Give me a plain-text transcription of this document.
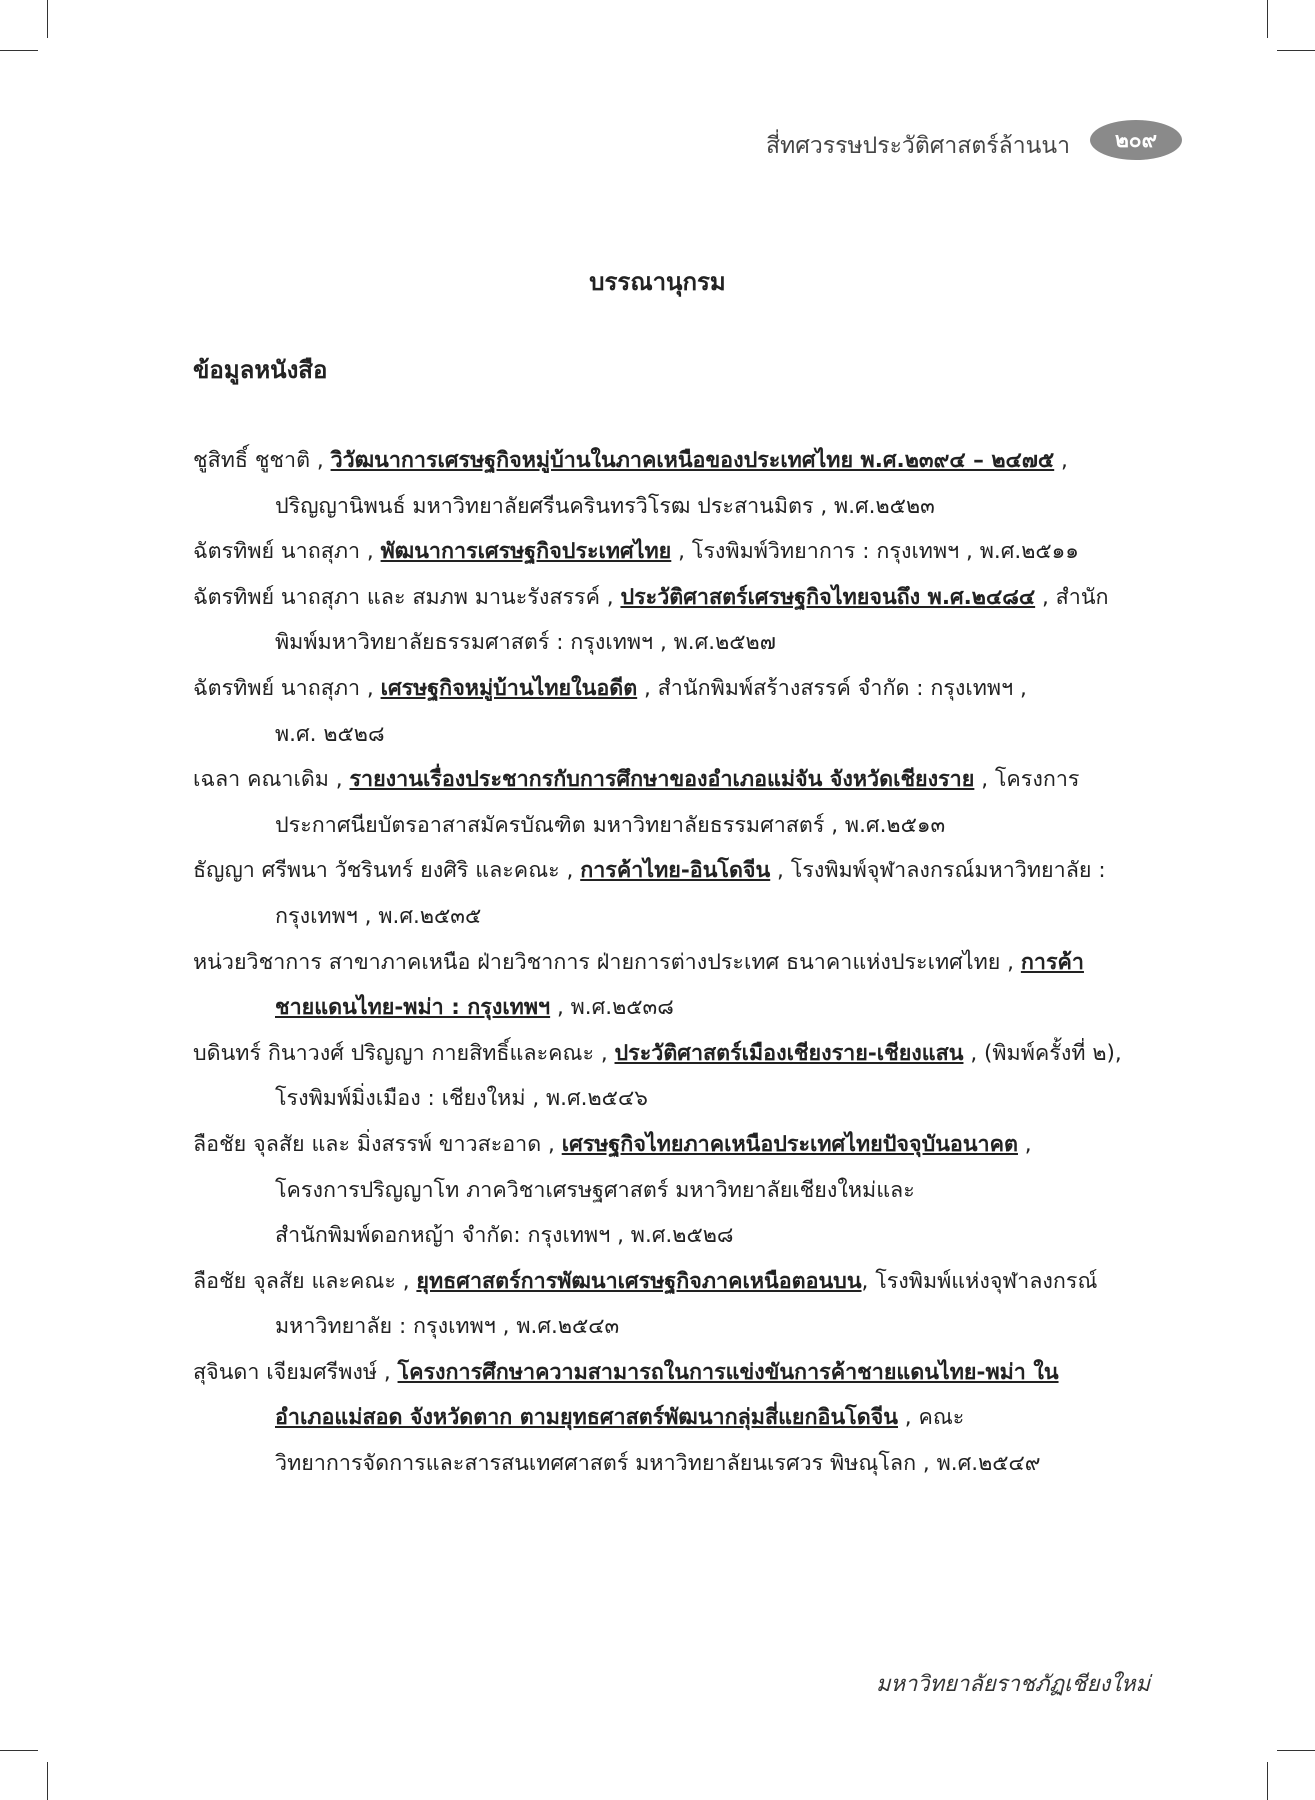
สี่ทศวรรษประวัติศาสตร์ล้านนา	๒๐๙
บรรณานุกรม
ข้อมูลหนังสือ
ชูสิทธิ์ ชูชาติ , วิวัฒนาการเศรษฐกิจหมู่บ้านในภาคเหนือของประเทศไทย พ.ศ.๒๓๙๔ – ๒๔๗๕ ,
ปริญญานิพนธ์ มหาวิทยาลัยศรีนครินทรวิโรฒ ประสานมิตร , พ.ศ.๒๕๒๓
ฉัตรทิพย์ นาถสุภา , พัฒนาการเศรษฐกิจประเทศไทย , โรงพิมพ์วิทยาการ : กรุงเทพฯ , พ.ศ.๒๕๑๑
ฉัตรทิพย์ นาถสุภา และ สมภพ มานะรังสรรค์ , ประวัติศาสตร์เศรษฐกิจไทยจนถึง พ.ศ.๒๔๘๔ , สำนัก
พิมพ์มหาวิทยาลัยธรรมศาสตร์ : กรุงเทพฯ , พ.ศ.๒๕๒๗
ฉัตรทิพย์ นาถสุภา , เศรษฐกิจหมู่บ้านไทยในอดีต , สำนักพิมพ์สร้างสรรค์ จำกัด : กรุงเทพฯ ,
พ.ศ. ๒๕๒๘
เฉลา คณาเดิม , รายงานเรื่องประชากรกับการศึกษาของอำเภอแม่จัน จังหวัดเชียงราย , โครงการ
ประกาศนียบัตรอาสาสมัครบัณฑิต มหาวิทยาลัยธรรมศาสตร์ , พ.ศ.๒๕๑๓
ธัญญา ศรีพนา วัชรินทร์ ยงศิริ และคณะ , การค้าไทย-อินโดจีน , โรงพิมพ์จุฬาลงกรณ์มหาวิทยาลัย :
กรุงเทพฯ , พ.ศ.๒๕๓๕
หน่วยวิชาการ สาขาภาคเหนือ ฝ่ายวิชาการ ฝ่ายการต่างประเทศ ธนาคาแห่งประเทศไทย , การค้า
ชายแดนไทย-พม่า : กรุงเทพฯ , พ.ศ.๒๕๓๘
บดินทร์ กินาวงศ์ ปริญญา กายสิทธิ์และคณะ , ประวัติศาสตร์เมืองเชียงราย-เชียงแสน , (พิมพ์ครั้งที่ ๒),
โรงพิมพ์มิ่งเมือง : เชียงใหม่ , พ.ศ.๒๕๔๖
ลือชัย จุลสัย และ มิ่งสรรพ์ ขาวสะอาด , เศรษฐกิจไทยภาคเหนือประเทศไทยปัจจุบันอนาคต ,
โครงการปริญญาโท ภาควิชาเศรษฐศาสตร์ มหาวิทยาลัยเชียงใหม่และ
สำนักพิมพ์ดอกหญ้า จำกัด: กรุงเทพฯ , พ.ศ.๒๕๒๘
ลือชัย จุลสัย และคณะ , ยุทธศาสตร์การพัฒนาเศรษฐกิจภาคเหนือตอนบน, โรงพิมพ์แห่งจุฬาลงกรณ์
มหาวิทยาลัย : กรุงเทพฯ , พ.ศ.๒๕๔๓
สุจินดา เจียมศรีพงษ์ , โครงการศึกษาความสามารถในการแข่งขันการค้าชายแดนไทย-พม่า ใน
อำเภอแม่สอด จังหวัดตาก ตามยุทธศาสตร์พัฒนากลุ่มสี่แยกอินโดจีน , คณะ
วิทยาการจัดการและสารสนเทศศาสตร์ มหาวิทยาลัยนเรศวร พิษณุโลก , พ.ศ.๒๕๔๙
มหาวิทยาลัยราชภัฏเชียงใหม่
